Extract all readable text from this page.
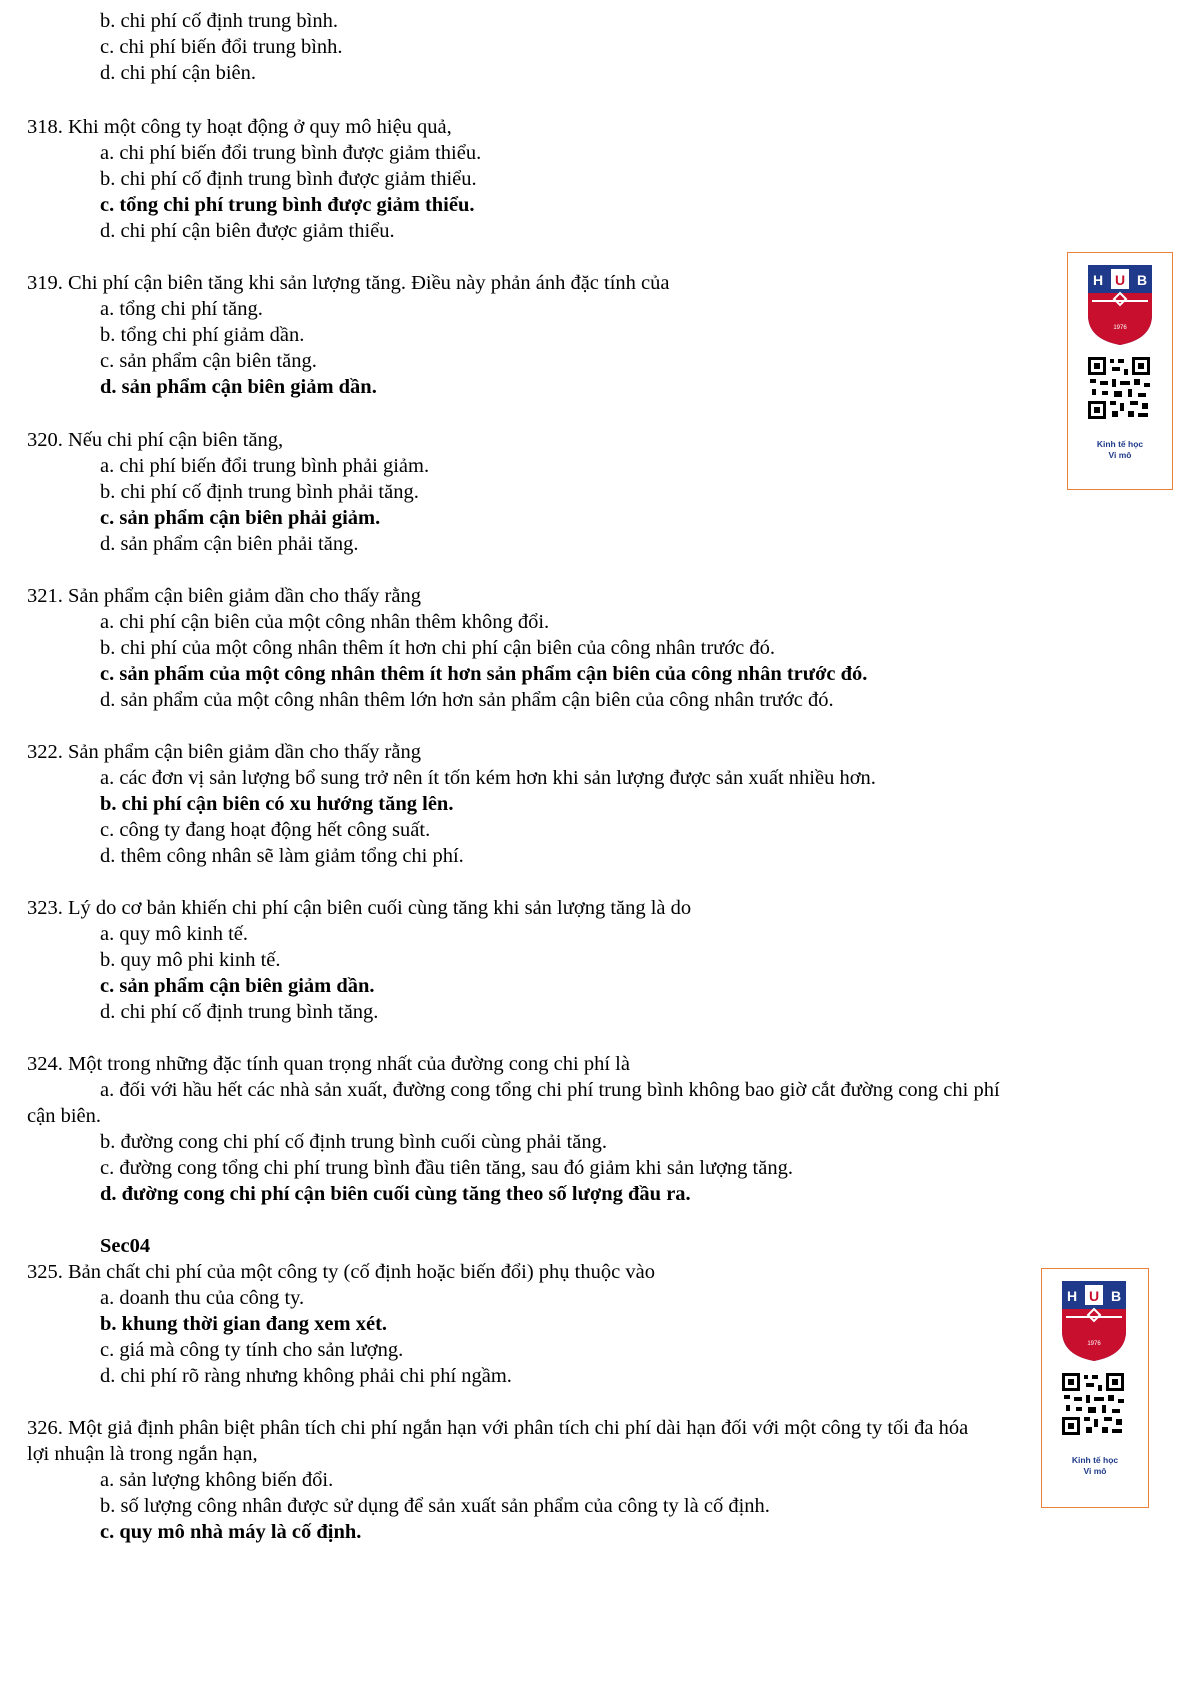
b. chi phí cố định trung bình.
c. chi phí biến đổi trung bình.
d. chi phí cận biên.
318. Khi một công ty hoạt động ở quy mô hiệu quả,
a. chi phí biến đổi trung bình được giảm thiểu.
b. chi phí cố định trung bình được giảm thiểu.
c. tổng chi phí trung bình được giảm thiểu.
d. chi phí cận biên được giảm thiểu.
319. Chi phí cận biên tăng khi sản lượng tăng. Điều này phản ánh đặc tính của
a. tổng chi phí tăng.
b. tổng chi phí giảm dần.
c. sản phẩm cận biên tăng.
d. sản phẩm cận biên giảm dần.
320. Nếu chi phí cận biên tăng,
a. chi phí biến đổi trung bình phải giảm.
b. chi phí cố định trung bình phải tăng.
c. sản phẩm cận biên phải giảm.
d. sản phẩm cận biên phải tăng.
321. Sản phẩm cận biên giảm dần cho thấy rằng
a. chi phí cận biên của một công nhân thêm không đổi.
b. chi phí của một công nhân thêm ít hơn chi phí cận biên của công nhân trước đó.
c. sản phẩm của một công nhân thêm ít hơn sản phẩm cận biên của công nhân trước đó.
d. sản phẩm của một công nhân thêm lớn hơn sản phẩm cận biên của công nhân trước đó.
322. Sản phẩm cận biên giảm dần cho thấy rằng
a. các đơn vị sản lượng bổ sung trở nên ít tốn kém hơn khi sản lượng được sản xuất nhiều hơn.
b. chi phí cận biên có xu hướng tăng lên.
c. công ty đang hoạt động hết công suất.
d. thêm công nhân sẽ làm giảm tổng chi phí.
323. Lý do cơ bản khiến chi phí cận biên cuối cùng tăng khi sản lượng tăng là do
a. quy mô kinh tế.
b. quy mô phi kinh tế.
c. sản phẩm cận biên giảm dần.
d. chi phí cố định trung bình tăng.
324. Một trong những đặc tính quan trọng nhất của đường cong chi phí là
a. đối với hầu hết các nhà sản xuất, đường cong tổng chi phí trung bình không bao giờ cắt đường cong chi phí
cận biên.
b. đường cong chi phí cố định trung bình cuối cùng phải tăng.
c. đường cong tổng chi phí trung bình đầu tiên tăng, sau đó giảm khi sản lượng tăng.
d. đường cong chi phí cận biên cuối cùng tăng theo số lượng đầu ra.
Sec04
325. Bản chất chi phí của một công ty (cố định hoặc biến đổi) phụ thuộc vào
a. doanh thu của công ty.
b. khung thời gian đang xem xét.
c. giá mà công ty tính cho sản lượng.
d. chi phí rõ ràng nhưng không phải chi phí ngầm.
326. Một giả định phân biệt phân tích chi phí ngắn hạn với phân tích chi phí dài hạn đối với một công ty tối đa hóa
lợi nhuận là trong ngắn hạn,
a. sản lượng không biến đổi.
b. số lượng công nhân được sử dụng để sản xuất sản phẩm của công ty là cố định.
c. quy mô nhà máy là cố định.
H U B
1976
Kinh tế học
Vi mô
H U B
1976
Kinh tế học
Vi mô
